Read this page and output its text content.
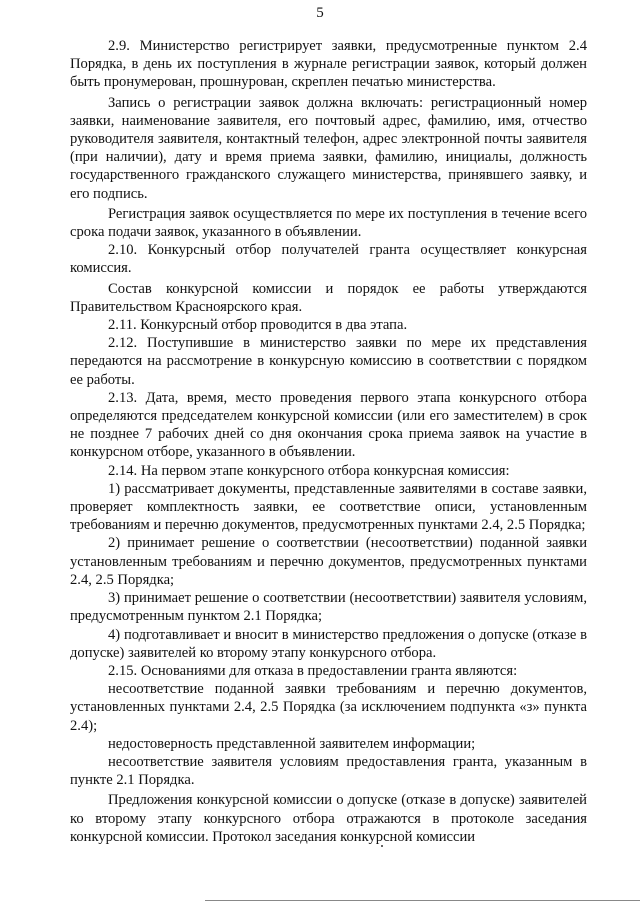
5

2.9. Министерство регистрирует заявки, предусмотренные пунктом 2.4 Порядка, в день их поступления в журнале регистрации заявок, который должен быть пронумерован, прошнурован, скреплен печатью министерства.

Запись о регистрации заявок должна включать: регистрационный номер заявки, наименование заявителя, его почтовый адрес, фамилию, имя, отчество руководителя заявителя, контактный телефон, адрес электронной почты заявителя (при наличии), дату и время приема заявки, фамилию, инициалы, должность государственного гражданского служащего министерства, принявшего заявку, и его подпись.

Регистрация заявок осуществляется по мере их поступления в течение всего срока подачи заявок, указанного в объявлении.

2.10. Конкурсный отбор получателей гранта осуществляет конкурсная комиссия.

Состав конкурсной комиссии и порядок ее работы утверждаются Правительством Красноярского края.

2.11. Конкурсный отбор проводится в два этапа.

2.12. Поступившие в министерство заявки по мере их представления передаются на рассмотрение в конкурсную комиссию в соответствии с порядком ее работы.

2.13. Дата, время, место проведения первого этапа конкурсного отбора определяются председателем конкурсной комиссии (или его заместителем) в срок не позднее 7 рабочих дней со дня окончания срока приема заявок на участие в конкурсном отборе, указанного в объявлении.

2.14. На первом этапе конкурсного отбора конкурсная комиссия:

1) рассматривает документы, представленные заявителями в составе заявки, проверяет комплектность заявки, ее соответствие описи, установленным требованиям и перечню документов, предусмотренных пунктами 2.4, 2.5 Порядка;

2) принимает решение о соответствии (несоответствии) поданной заявки установленным требованиям и перечню документов, предусмотренных пунктами 2.4, 2.5 Порядка;

3) принимает решение о соответствии (несоответствии) заявителя условиям, предусмотренным пунктом 2.1 Порядка;

4) подготавливает и вносит в министерство предложения о допуске (отказе в допуске) заявителей ко второму этапу конкурсного отбора.

2.15. Основаниями для отказа в предоставлении гранта являются:

несоответствие поданной заявки требованиям и перечню документов, установленных пунктами 2.4, 2.5 Порядка (за исключением подпункта «з» пункта 2.4);

недостоверность представленной заявителем информации;

несоответствие заявителя условиям предоставления гранта, указанным в пункте 2.1 Порядка.

Предложения конкурсной комиссии о допуске (отказе в допуске) заявителей ко второму этапу конкурсного отбора отражаются в протоколе заседания конкурсной комиссии. Протокол заседания конкурсной комиссии
